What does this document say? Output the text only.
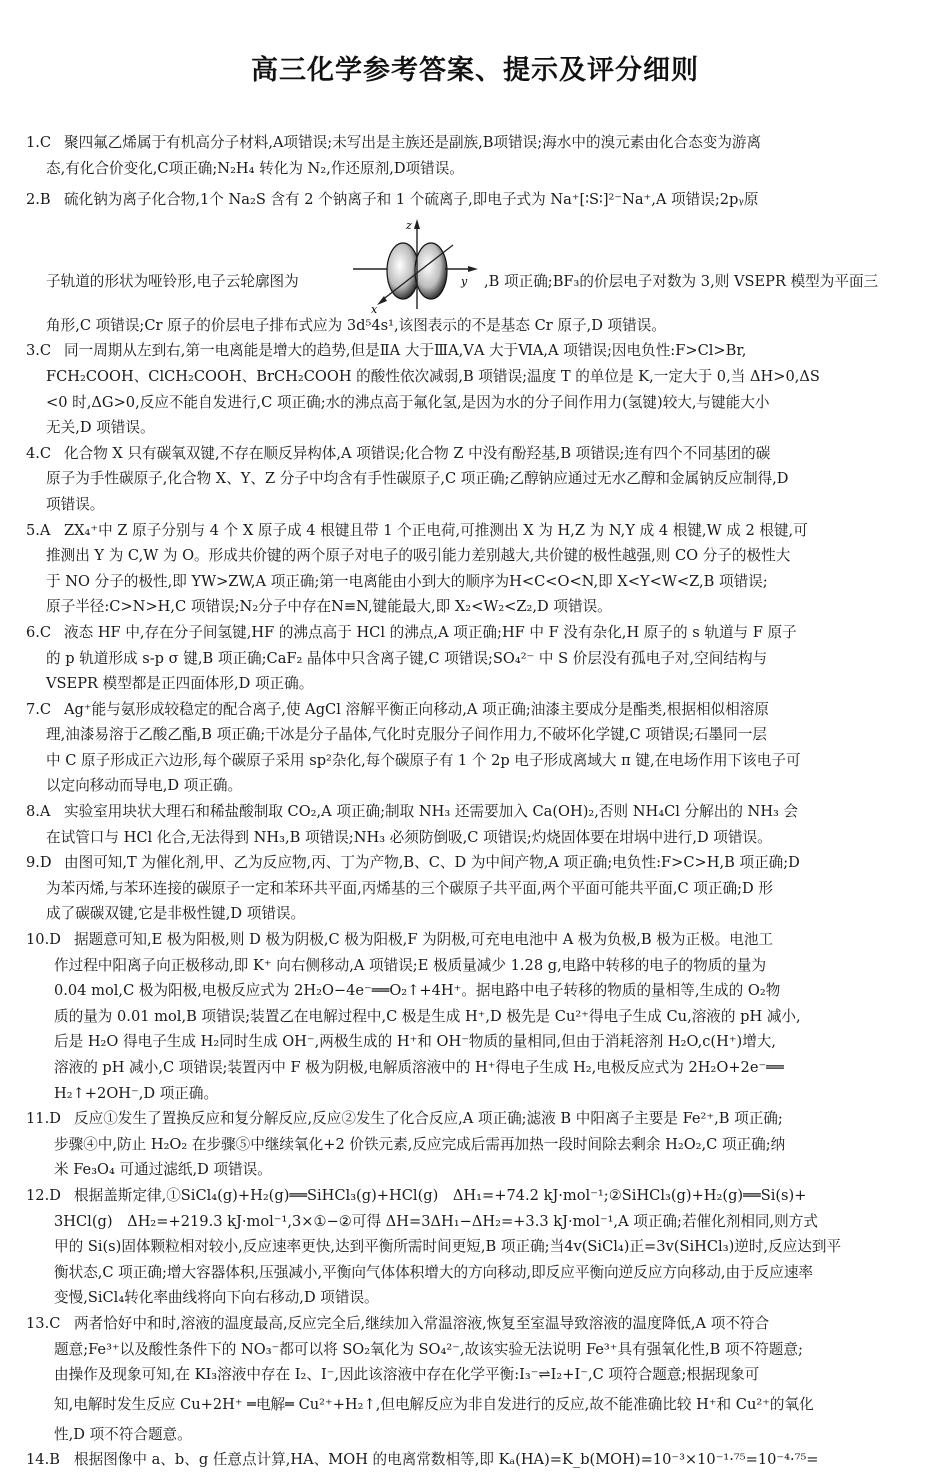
高三化学参考答案、提示及评分细则
1.C 聚四氟乙烯属于有机高分子材料,A项错误;未写出是主族还是副族,B项错误;海水中的溴元素由化合态变为游离
态,有化合价变化,C项正确;N₂H₄ 转化为 N₂,作还原剂,D项错误。
2.B 硫化钠为离子化合物,1个 Na₂S 含有 2 个钠离子和 1 个硫离子,即电子式为 Na⁺[∶S∶]²⁻Na⁺,A 项错误;2pᵧ原
子轨道的形状为哑铃形,电子云轮廓图为
z
y
x
,B 项正确;BF₃的价层电子对数为 3,则 VSEPR 模型为平面三
角形,C 项错误;Cr 原子的价层电子排布式应为 3d⁵4s¹,该图表示的不是基态 Cr 原子,D 项错误。
3.C 同一周期从左到右,第一电离能是增大的趋势,但是ⅡA 大于ⅢA,ⅤA 大于ⅥA,A 项错误;因电负性:F>Cl>Br,
FCH₂COOH、ClCH₂COOH、BrCH₂COOH 的酸性依次减弱,B 项错误;温度 T 的单位是 K,一定大于 0,当 ΔH>0,ΔS
<0 时,ΔG>0,反应不能自发进行,C 项正确;水的沸点高于氟化氢,是因为水的分子间作用力(氢键)较大,与键能大小
无关,D 项错误。
4.C 化合物 X 只有碳氧双键,不存在顺反异构体,A 项错误;化合物 Z 中没有酚羟基,B 项错误;连有四个不同基团的碳
原子为手性碳原子,化合物 X、Y、Z 分子中均含有手性碳原子,C 项正确;乙醇钠应通过无水乙醇和金属钠反应制得,D
项错误。
5.A ZX₄⁺中 Z 原子分别与 4 个 X 原子成 4 根键且带 1 个正电荷,可推测出 X 为 H,Z 为 N,Y 成 4 根键,W 成 2 根键,可
推测出 Y 为 C,W 为 O。形成共价键的两个原子对电子的吸引能力差别越大,共价键的极性越强,则 CO 分子的极性大
于 NO 分子的极性,即 YW>ZW,A 项正确;第一电离能由小到大的顺序为H<C<O<N,即 X<Y<W<Z,B 项错误;
原子半径:C>N>H,C 项错误;N₂分子中存在N≡N,键能最大,即 X₂<W₂<Z₂,D 项错误。
6.C 液态 HF 中,存在分子间氢键,HF 的沸点高于 HCl 的沸点,A 项正确;HF 中 F 没有杂化,H 原子的 s 轨道与 F 原子
的 p 轨道形成 s-p σ 键,B 项正确;CaF₂ 晶体中只含离子键,C 项错误;SO₄²⁻ 中 S 价层没有孤电子对,空间结构与
VSEPR 模型都是正四面体形,D 项正确。
7.C Ag⁺能与氨形成较稳定的配合离子,使 AgCl 溶解平衡正向移动,A 项正确;油漆主要成分是酯类,根据相似相溶原
理,油漆易溶于乙酸乙酯,B 项正确;干冰是分子晶体,气化时克服分子间作用力,不破坏化学键,C 项错误;石墨同一层
中 C 原子形成正六边形,每个碳原子采用 sp²杂化,每个碳原子有 1 个 2p 电子形成离域大 π 键,在电场作用下该电子可
以定向移动而导电,D 项正确。
8.A 实验室用块状大理石和稀盐酸制取 CO₂,A 项正确;制取 NH₃ 还需要加入 Ca(OH)₂,否则 NH₄Cl 分解出的 NH₃ 会
在试管口与 HCl 化合,无法得到 NH₃,B 项错误;NH₃ 必须防倒吸,C 项错误;灼烧固体要在坩埚中进行,D 项错误。
9.D 由图可知,T 为催化剂,甲、乙为反应物,丙、丁为产物,B、C、D 为中间产物,A 项正确;电负性:F>C>H,B 项正确;D
为苯丙烯,与苯环连接的碳原子一定和苯环共平面,丙烯基的三个碳原子共平面,两个平面可能共平面,C 项正确;D 形
成了碳碳双键,它是非极性键,D 项错误。
10.D 据题意可知,E 极为阳极,则 D 极为阴极,C 极为阳极,F 为阴极,可充电电池中 A 极为负极,B 极为正极。电池工
作过程中阳离子向正极移动,即 K⁺ 向右侧移动,A 项错误;E 极质量减少 1.28 g,电路中转移的电子的物质的量为
0.04 mol,C 极为阳极,电极反应式为 2H₂O−4e⁻══O₂↑+4H⁺。据电路中电子转移的物质的量相等,生成的 O₂物
质的量为 0.01 mol,B 项错误;装置乙在电解过程中,C 极是生成 H⁺,D 极先是 Cu²⁺得电子生成 Cu,溶液的 pH 减小,
后是 H₂O 得电子生成 H₂同时生成 OH⁻,两极生成的 H⁺和 OH⁻物质的量相同,但由于消耗溶剂 H₂O,c(H⁺)增大,
溶液的 pH 减小,C 项错误;装置丙中 F 极为阴极,电解质溶液中的 H⁺得电子生成 H₂,电极反应式为 2H₂O+2e⁻══
H₂↑+2OH⁻,D 项正确。
11.D 反应①发生了置换反应和复分解反应,反应②发生了化合反应,A 项正确;滤液 B 中阳离子主要是 Fe²⁺,B 项正确;
步骤④中,防止 H₂O₂ 在步骤⑤中继续氧化+2 价铁元素,反应完成后需再加热一段时间除去剩余 H₂O₂,C 项正确;纳
米 Fe₃O₄ 可通过滤纸,D 项错误。
12.D 根据盖斯定律,①SiCl₄(g)+H₂(g)══SiHCl₃(g)+HCl(g)　ΔH₁=+74.2 kJ·mol⁻¹;②SiHCl₃(g)+H₂(g)══Si(s)+
3HCl(g)　ΔH₂=+219.3 kJ·mol⁻¹,3×①−②可得 ΔH=3ΔH₁−ΔH₂=+3.3 kJ·mol⁻¹,A 项正确;若催化剂相同,则方式
甲的 Si(s)固体颗粒相对较小,反应速率更快,达到平衡所需时间更短,B 项正确;当4v(SiCl₄)正=3v(SiHCl₃)逆时,反应达到平
衡状态,C 项正确;增大容器体积,压强减小,平衡向气体体积增大的方向移动,即反应平衡向逆反应方向移动,由于反应速率
变慢,SiCl₄转化率曲线将向下向右移动,D 项错误。
13.C 两者恰好中和时,溶液的温度最高,反应完全后,继续加入常温溶液,恢复至室温导致溶液的温度降低,A 项不符合
题意;Fe³⁺以及酸性条件下的 NO₃⁻都可以将 SO₂氧化为 SO₄²⁻,故该实验无法说明 Fe³⁺具有强氧化性,B 项不符题意;
由操作及现象可知,在 KI₃溶液中存在 I₂、I⁻,因此该溶液中存在化学平衡:I₃⁻⇌I₂+I⁻,C 项符合题意;根据现象可
知,电解时发生反应 Cu+2H⁺ ═电解═ Cu²⁺+H₂↑,但电解反应为非自发进行的反应,故不能准确比较 H⁺和 Cu²⁺的氧化
性,D 项不符合题意。
14.B 根据图像中 a、b、g 任意点计算,HA、MOH 的电离常数相等,即 Kₐ(HA)=K_b(MOH)=10⁻³×10⁻¹·⁷⁵=10⁻⁴·⁷⁵=
